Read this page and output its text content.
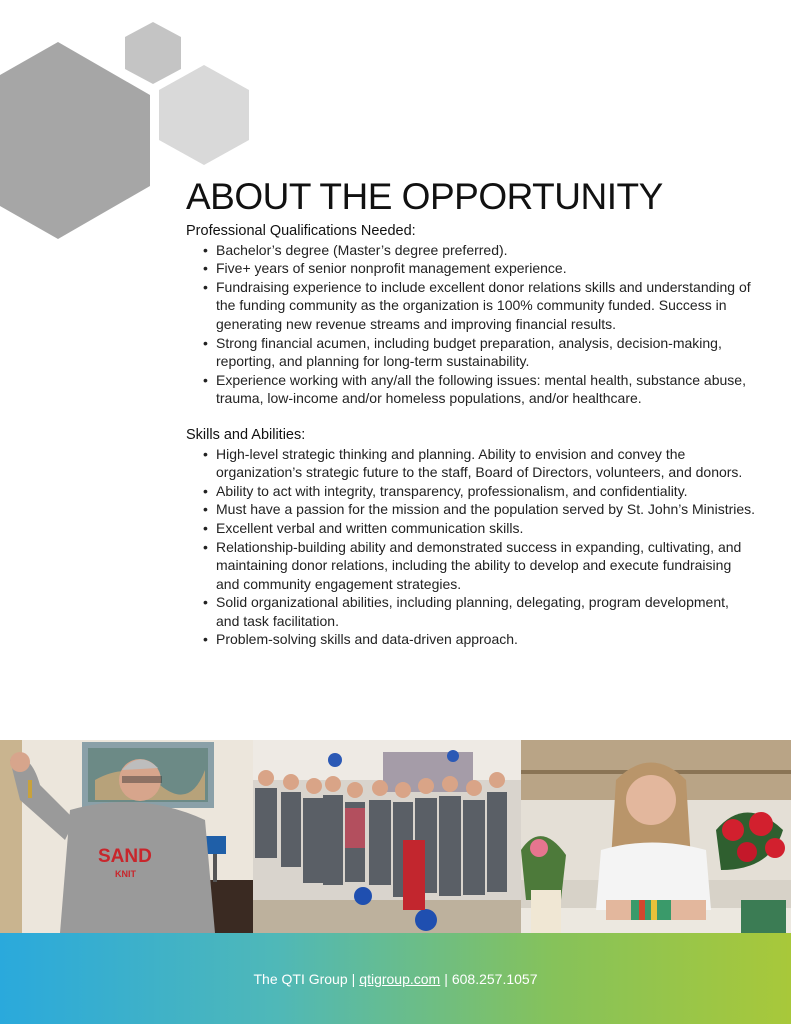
ABOUT THE OPPORTUNITY

Professional Qualifications Needed:

• Bachelor’s degree (Master’s degree preferred).
• Five+ years of senior nonprofit management experience.
• Fundraising experience to include excellent donor relations skills and understanding of the funding community as the organization is 100% community funded. Success in generating new revenue streams and improving financial results.
• Strong financial acumen, including budget preparation, analysis, decision-making, reporting, and planning for long-term sustainability.
• Experience working with any/all the following issues: mental health, substance abuse, trauma, low-income and/or homeless populations, and/or healthcare.

Skills and Abilities:

• High-level strategic thinking and planning. Ability to envision and convey the organization’s strategic future to the staff, Board of Directors, volunteers, and donors.
• Ability to act with integrity, transparency, professionalism, and confidentiality.
• Must have a passion for the mission and the population served by St. John’s Ministries.
• Excellent verbal and written communication skills.
• Relationship-building ability and demonstrated success in expanding, cultivating, and maintaining donor relations, including the ability to develop and execute fundraising and community engagement strategies.
• Solid organizational abilities, including planning, delegating, program development, and task facilitation.
• Problem-solving skills and data-driven approach.
SAND
KNIT
The QTI Group | qtigroup.com | 608.257.1057
